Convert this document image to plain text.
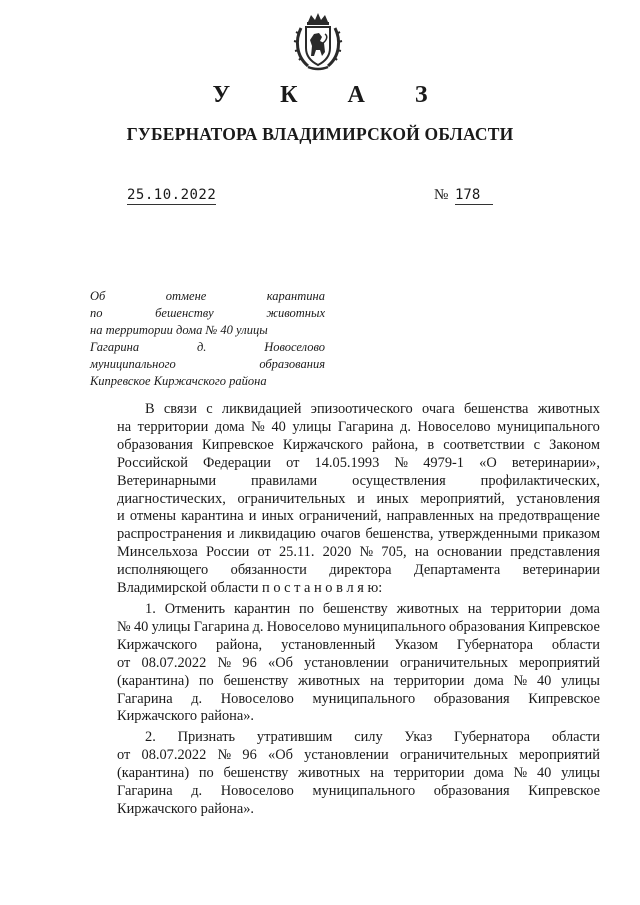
У К А З
ГУБЕРНАТОРА ВЛАДИМИРСКОЙ ОБЛАСТИ
25.10.2022	№ 178
Об	отмене	карантина
по	бешенству	животных
на территории дома № 40 улицы
Гагарина	д.	Новоселово
муниципального	образования
Кипревское Киржачского района
В связи с ликвидацией эпизоотического очага бешенства животных
на территории дома № 40 улицы Гагарина д. Новоселово муниципального
образования Кипревское Киржачского района, в соответствии с Законом
Российской Федерации от 14.05.1993 № 4979-1 «О ветеринарии»,
Ветеринарными правилами осуществления профилактических,
диагностических, ограничительных и иных мероприятий, установления
и отмены карантина и иных ограничений, направленных на предотвращение
распространения и ликвидацию очагов бешенства, утвержденными приказом
Минсельхоза России от 25.11. 2020 № 705, на основании представления
исполняющего обязанности директора Департамента ветеринарии
Владимирской области п о с т а н о в л я ю:
1. Отменить карантин по бешенству животных на территории дома
№ 40 улицы Гагарина д. Новоселово муниципального образования Кипревское
Киржачского района, установленный Указом Губернатора области
от 08.07.2022 № 96 «Об установлении ограничительных мероприятий
(карантина) по бешенству животных на территории дома № 40 улицы
Гагарина д. Новоселово муниципального образования Кипревское
Киржачского района».
2. Признать утратившим силу Указ Губернатора области
от 08.07.2022 № 96 «Об установлении ограничительных мероприятий
(карантина) по бешенству животных на территории дома № 40 улицы
Гагарина д. Новоселово муниципального образования Кипревское
Киржачского района».
